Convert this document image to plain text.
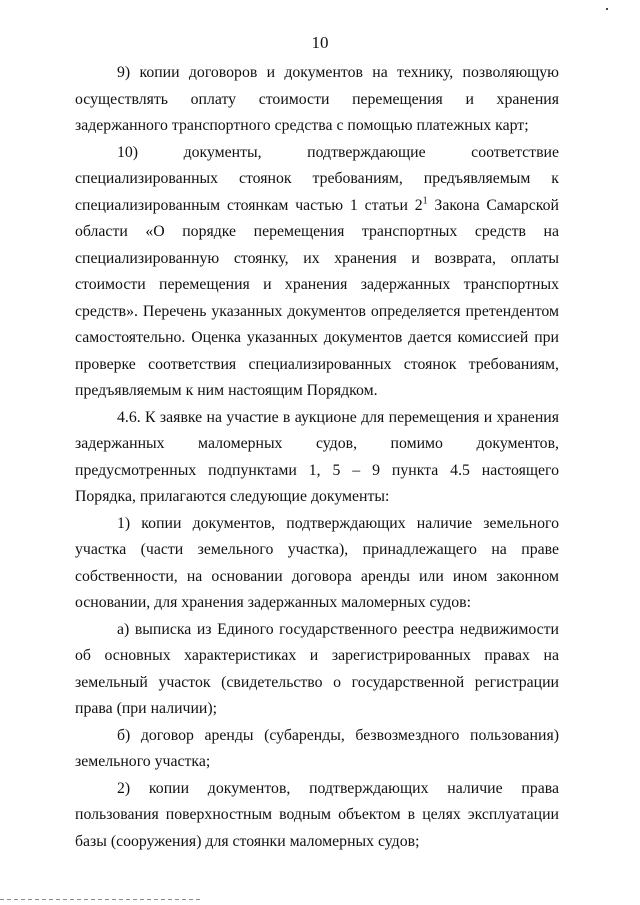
10

9) копии договоров и документов на технику, позволяющую осуществлять оплату стоимости перемещения и хранения задержанного транспортного средства с помощью платежных карт;

10) документы, подтверждающие соответствие специализированных стоянок требованиям, предъявляемым к специализированным стоянкам частью 1 статьи $2^1$ Закона Самарской области «О порядке перемещения транспортных средств на специализированную стоянку, их хранения и возврата, оплаты стоимости перемещения и хранения задержанных транспортных средств». Перечень указанных документов определяется претендентом самостоятельно. Оценка указанных документов дается комиссией при проверке соответствия специализированных стоянок требованиям, предъявляемым к ним настоящим Порядком.

4.6. К заявке на участие в аукционе для перемещения и хранения задержанных маломерных судов, помимо документов, предусмотренных подпунктами 1, 5 – 9 пункта 4.5 настоящего Порядка, прилагаются следующие документы:

1) копии документов, подтверждающих наличие земельного участка (части земельного участка), принадлежащего на праве собственности, на основании договора аренды или ином законном основании, для хранения задержанных маломерных судов:

а) выписка из Единого государственного реестра недвижимости об основных характеристиках и зарегистрированных правах на земельный участок (свидетельство о государственной регистрации права (при наличии);

б) договор аренды (субаренды, безвозмездного пользования) земельного участка;

2) копии документов, подтверждающих наличие права пользования поверхностным водным объектом в целях эксплуатации базы (сооружения) для стоянки маломерных судов;
